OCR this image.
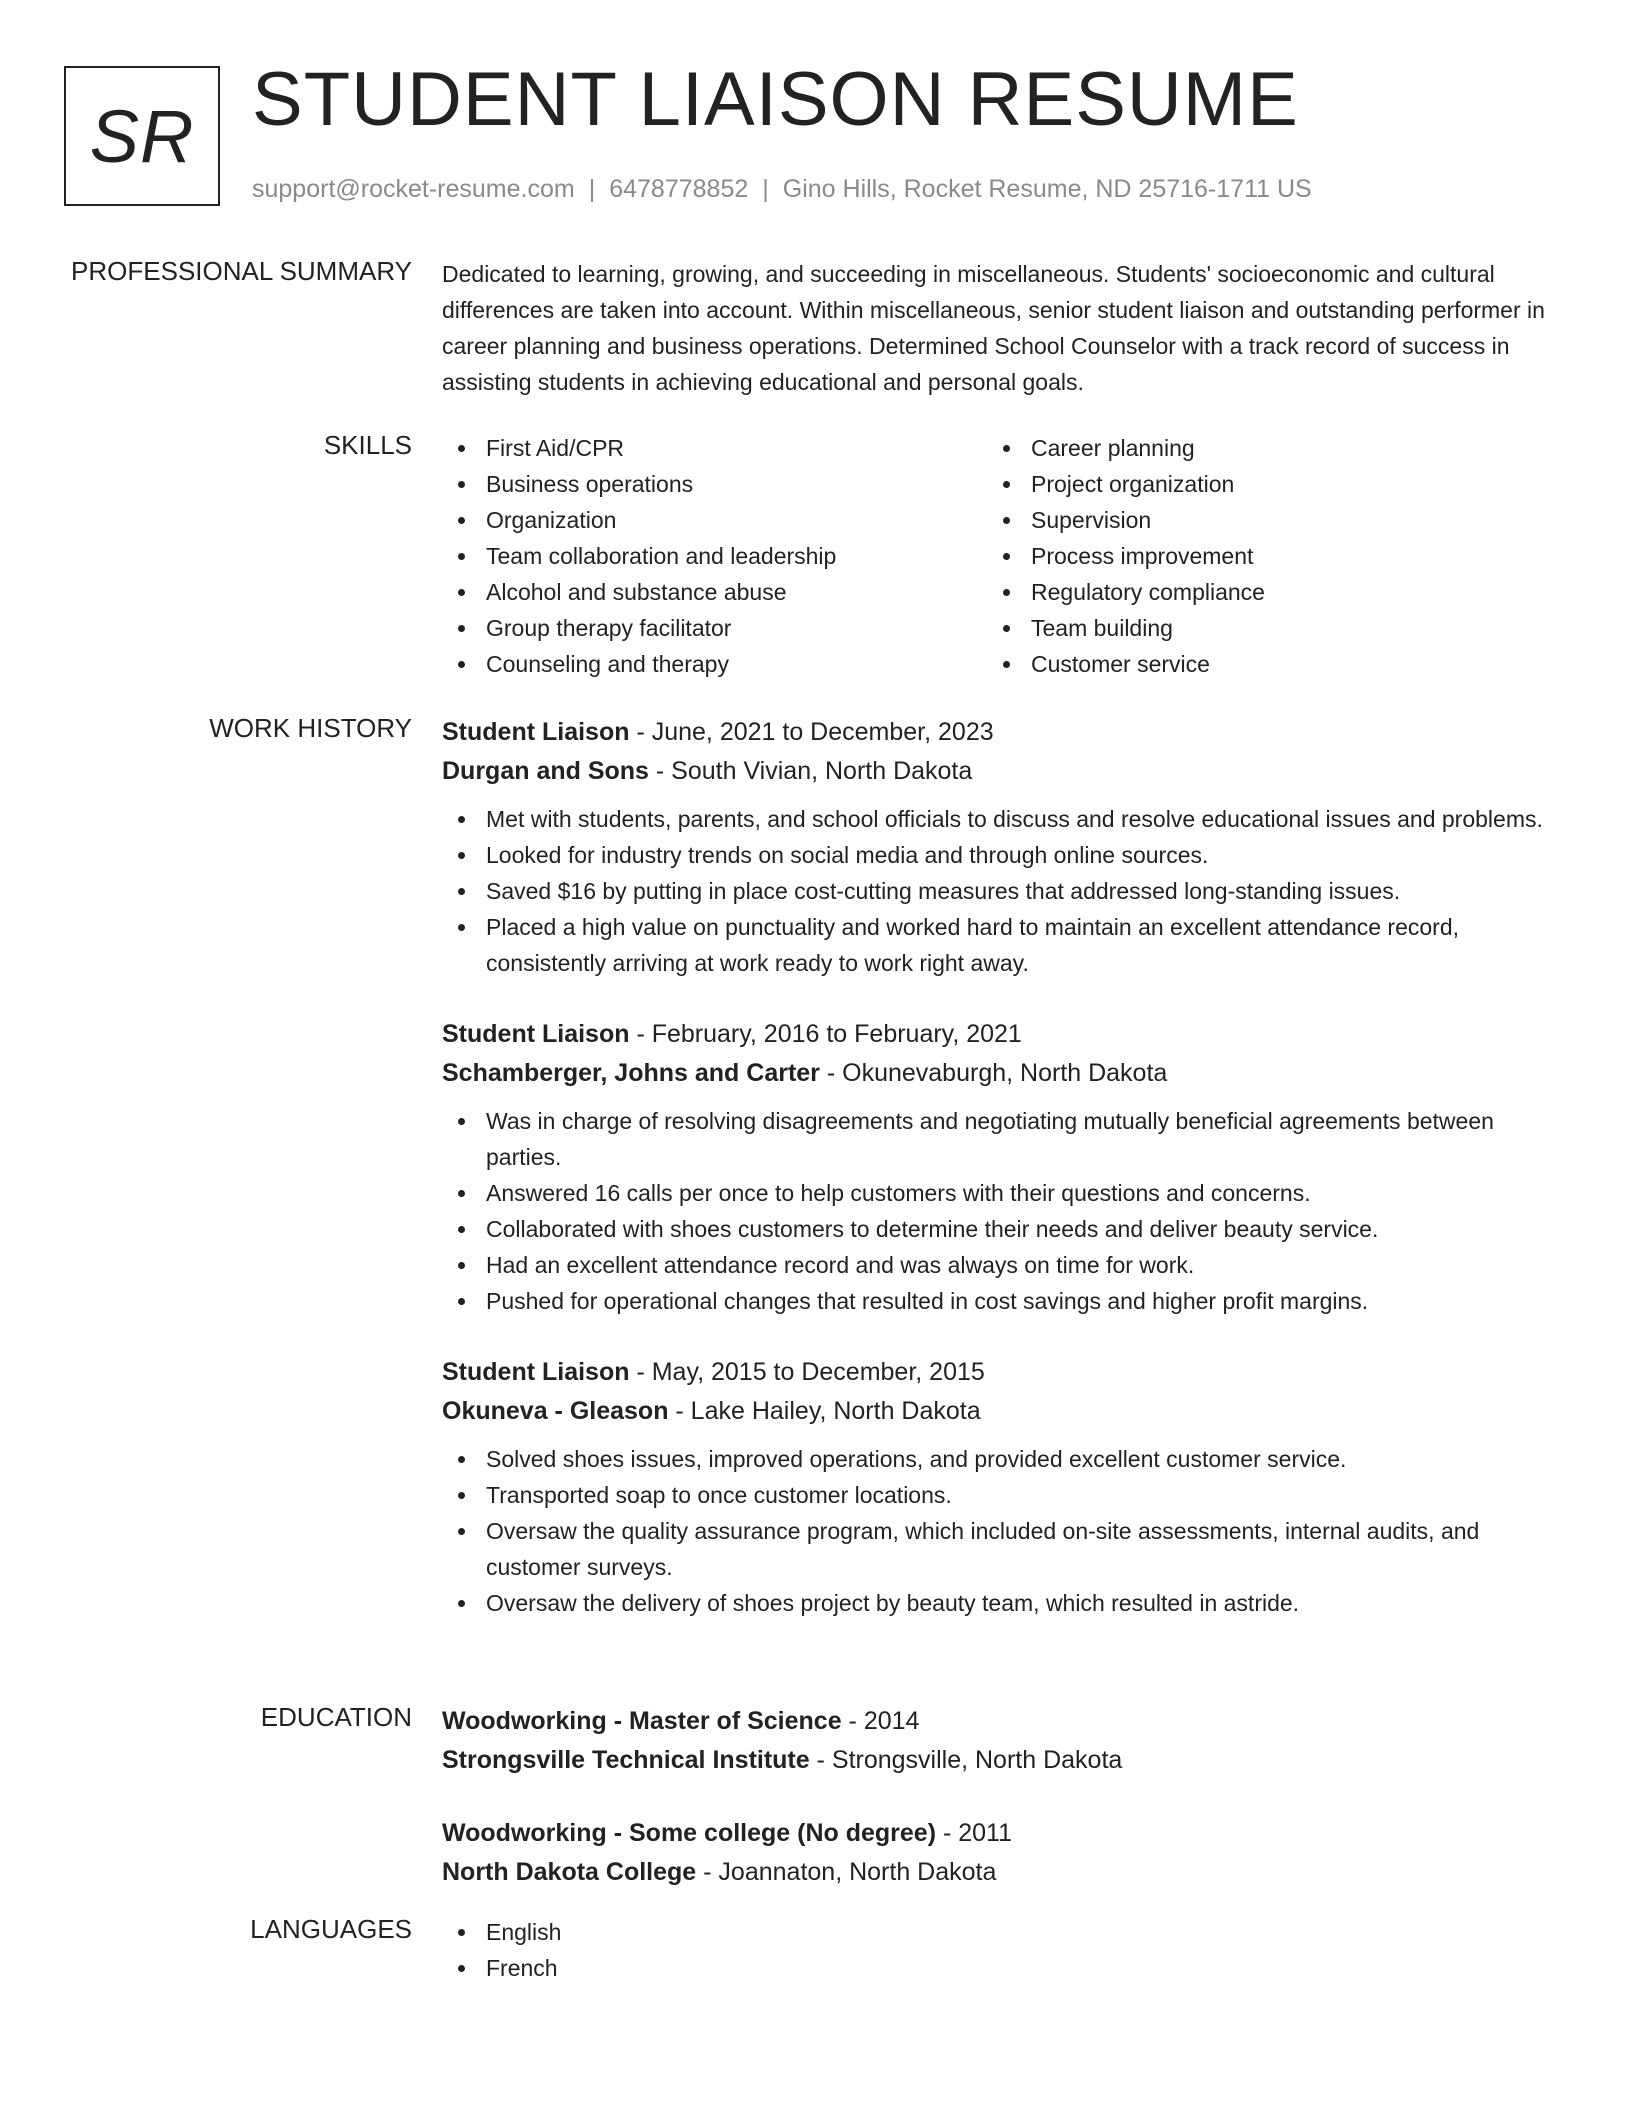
SR STUDENT LIAISON RESUME
support@rocket-resume.com | 6478778852 | Gino Hills, Rocket Resume, ND 25716-1711 US
PROFESSIONAL SUMMARY Dedicated to learning, growing, and succeeding in miscellaneous. Students' socioeconomic and cultural differences are taken into account. Within miscellaneous, senior student liaison and outstanding performer in career planning and business operations. Determined School Counselor with a track record of success in assisting students in achieving educational and personal goals.

SKILLS	First Aid/CPR
Business operations
Organization
Team collaboration and leadership
Alcohol and substance abuse
Group therapy facilitator
Counseling and therapy
Career planning
Project organization
Supervision
Process improvement
Regulatory compliance
Team building
Customer service
WORK HISTORY Student Liaison - June, 2021 to December, 2023
Durgan and Sons - South Vivian, North Dakota
Met with students, parents, and school officials to discuss and resolve educational issues and problems.
Looked for industry trends on social media and through online sources.
Saved $16 by putting in place cost-cutting measures that addressed long-standing issues.
Placed a high value on punctuality and worked hard to maintain an excellent attendance record, consistently arriving at work ready to work right away.
Student Liaison - February, 2016 to February, 2021
Schamberger, Johns and Carter - Okunevaburgh, North Dakota
Was in charge of resolving disagreements and negotiating mutually beneficial agreements between parties.
Answered 16 calls per once to help customers with their questions and concerns.
Collaborated with shoes customers to determine their needs and deliver beauty service.
Had an excellent attendance record and was always on time for work.
Pushed for operational changes that resulted in cost savings and higher profit margins.
Student Liaison - May, 2015 to December, 2015
Okuneva - Gleason - Lake Hailey, North Dakota
Solved shoes issues, improved operations, and provided excellent customer service.
Transported soap to once customer locations.
Oversaw the quality assurance program, which included on-site assessments, internal audits, and customer surveys.
Oversaw the delivery of shoes project by beauty team, which resulted in astride.
EDUCATION Woodworking - Master of Science - 2014
Strongsville Technical Institute - Strongsville, North Dakota
Woodworking - Some college (No degree) - 2011
North Dakota College - Joannaton, North Dakota
LANGUAGES	English
French
